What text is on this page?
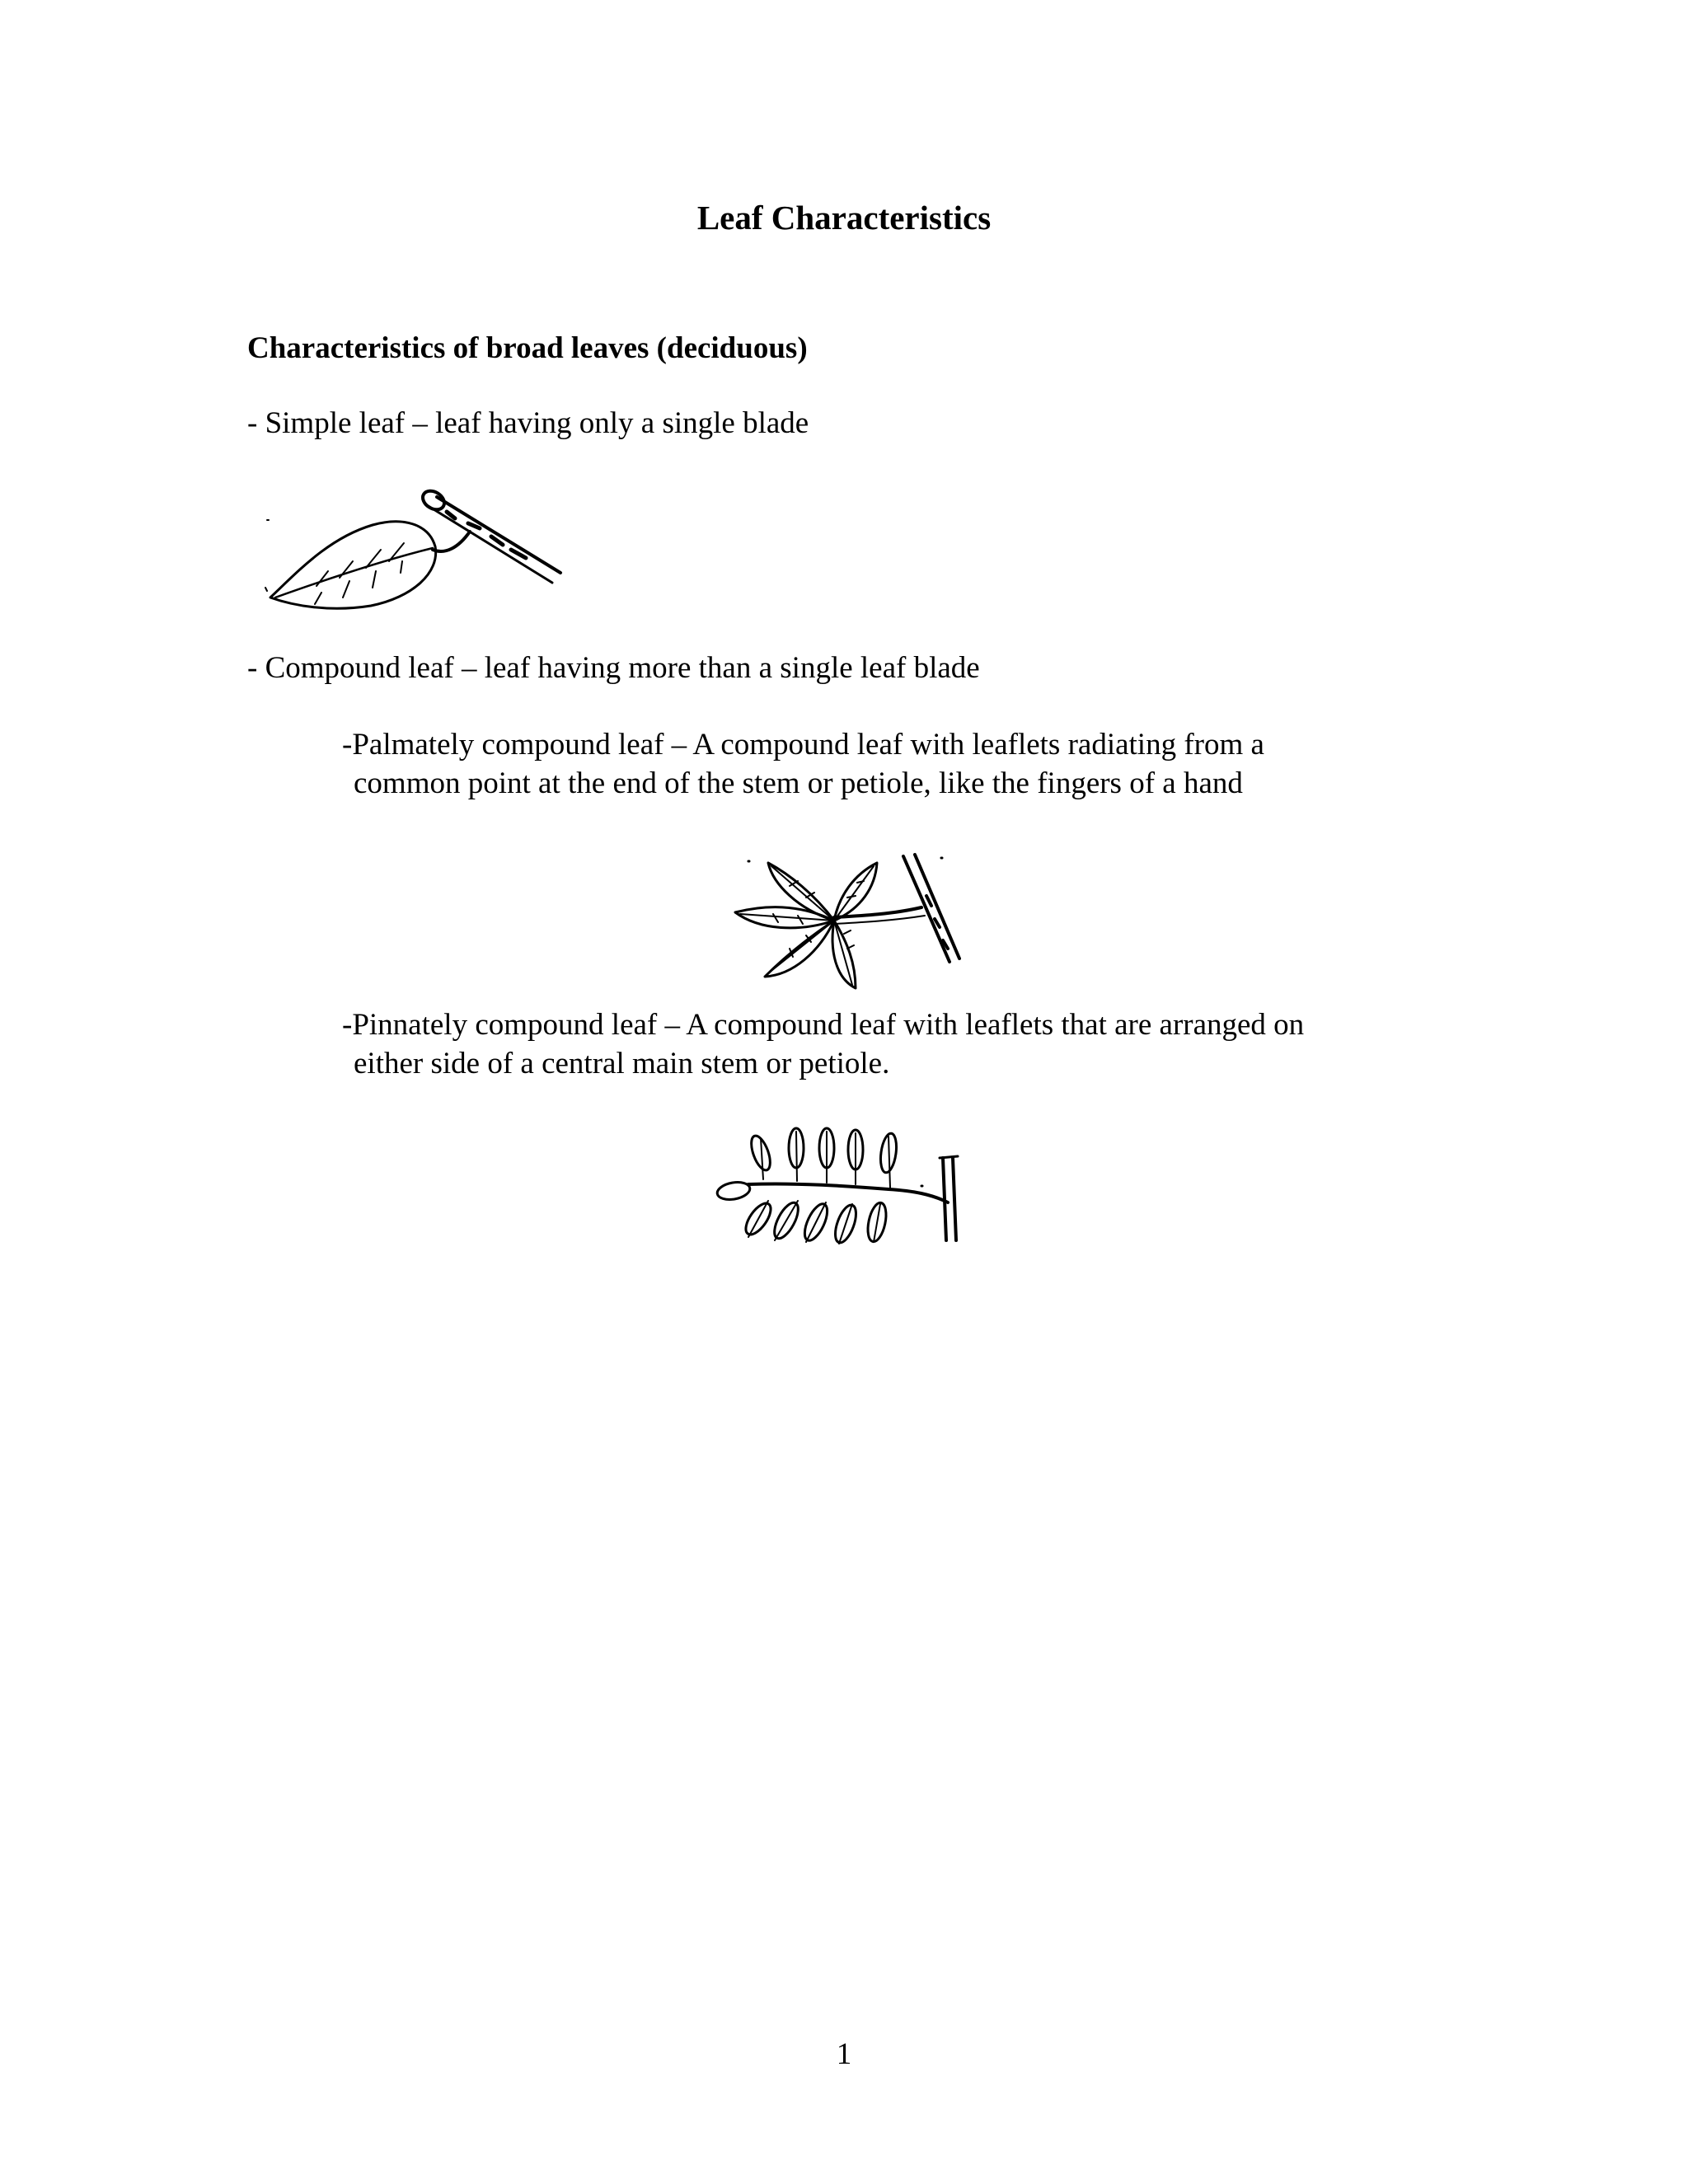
Leaf Characteristics
Characteristics of broad leaves (deciduous)
- Simple leaf – leaf having only a single blade
- Compound leaf – leaf having more than a single leaf blade
-Palmately compound leaf – A compound leaf with leaflets radiating from a
common point at the end of the stem or petiole, like the fingers of a hand
-Pinnately compound leaf – A compound leaf with leaflets that are arranged on
either side of a central main stem or petiole.
1
